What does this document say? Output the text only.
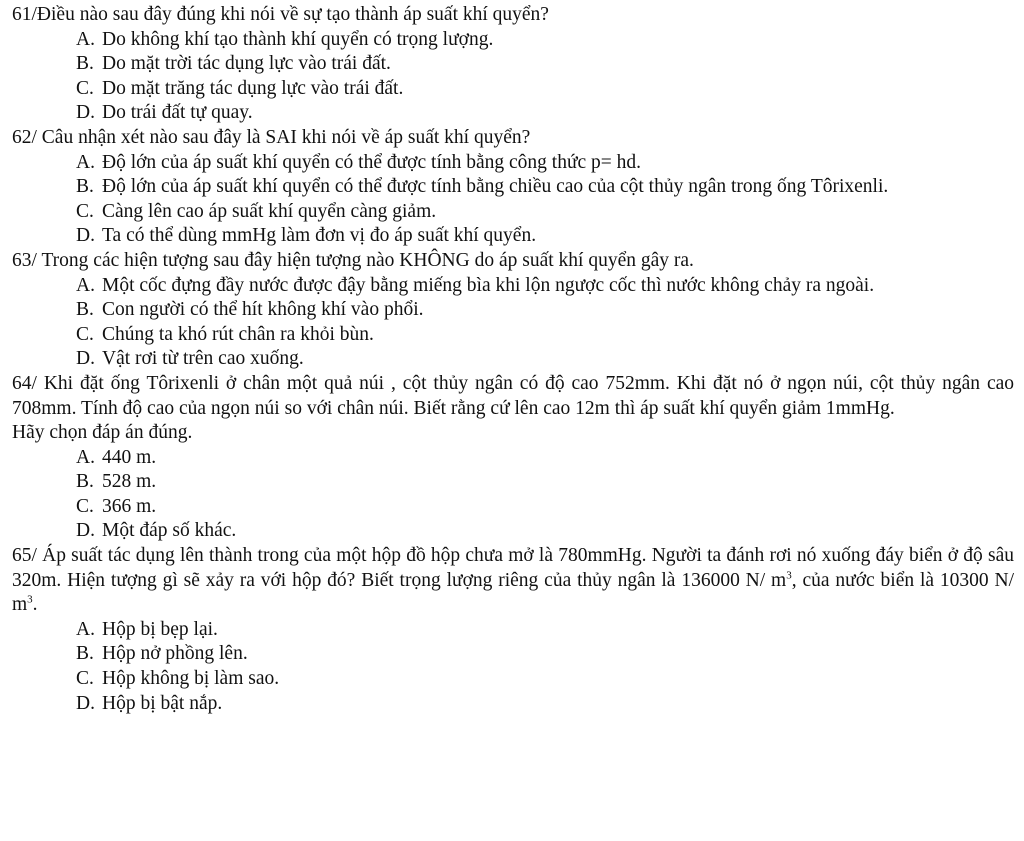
61/Điều nào sau đây đúng khi nói về sự tạo thành áp suất khí quyển?

A. Do không khí tạo thành khí quyển có trọng lượng.
B. Do mặt trời tác dụng lực vào trái đất.
C. Do mặt trăng tác dụng lực vào trái đất.
D. Do trái đất tự quay.

62/ Câu nhận xét nào sau đây là SAI khi nói về áp suất khí quyển?

A. Độ lớn của áp suất khí quyển có thể được tính bằng công thức p= hd.
B. Độ lớn của áp suất khí quyển có thể được tính bằng chiều cao của cột thủy ngân trong ống Tôrixenli.
C. Càng lên cao áp suất khí quyển càng giảm.
D. Ta có thể dùng mmHg làm đơn vị đo áp suất khí quyển.

63/ Trong các hiện tượng sau đây hiện tượng nào KHÔNG do áp suất khí quyển gây ra.

A. Một cốc đựng đầy nước được đậy bằng miếng bìa khi lộn ngược cốc thì nước không chảy ra ngoài.
B. Con người có thể hít không khí vào phổi.
C. Chúng ta khó rút chân ra khỏi bùn.
D. Vật rơi từ trên cao xuống.

64/ Khi đặt ống Tôrixenli ở chân một quả núi , cột thủy ngân có độ cao 752mm. Khi đặt nó ở ngọn núi, cột thủy ngân cao 708mm. Tính độ cao của ngọn núi so với chân núi. Biết rằng cứ lên cao 12m thì áp suất khí quyển giảm 1mmHg.

Hãy chọn đáp án đúng.

A. 440 m.
B. 528 m.
C. 366 m.
D. Một đáp số khác.

65/ Áp suất tác dụng lên thành trong của một hộp đồ hộp chưa mở là 780mmHg. Người ta đánh rơi nó xuống đáy biển ở độ sâu 320m. Hiện tượng gì sẽ xảy ra với hộp đó? Biết trọng lượng riêng của thủy ngân là 136000 N/ $m^3$, của nước biển là 10300 N/ $m^3$.

A. Hộp bị bẹp lại.
B. Hộp nở phồng lên.
C. Hộp không bị làm sao.
D. Hộp bị bật nắp.
